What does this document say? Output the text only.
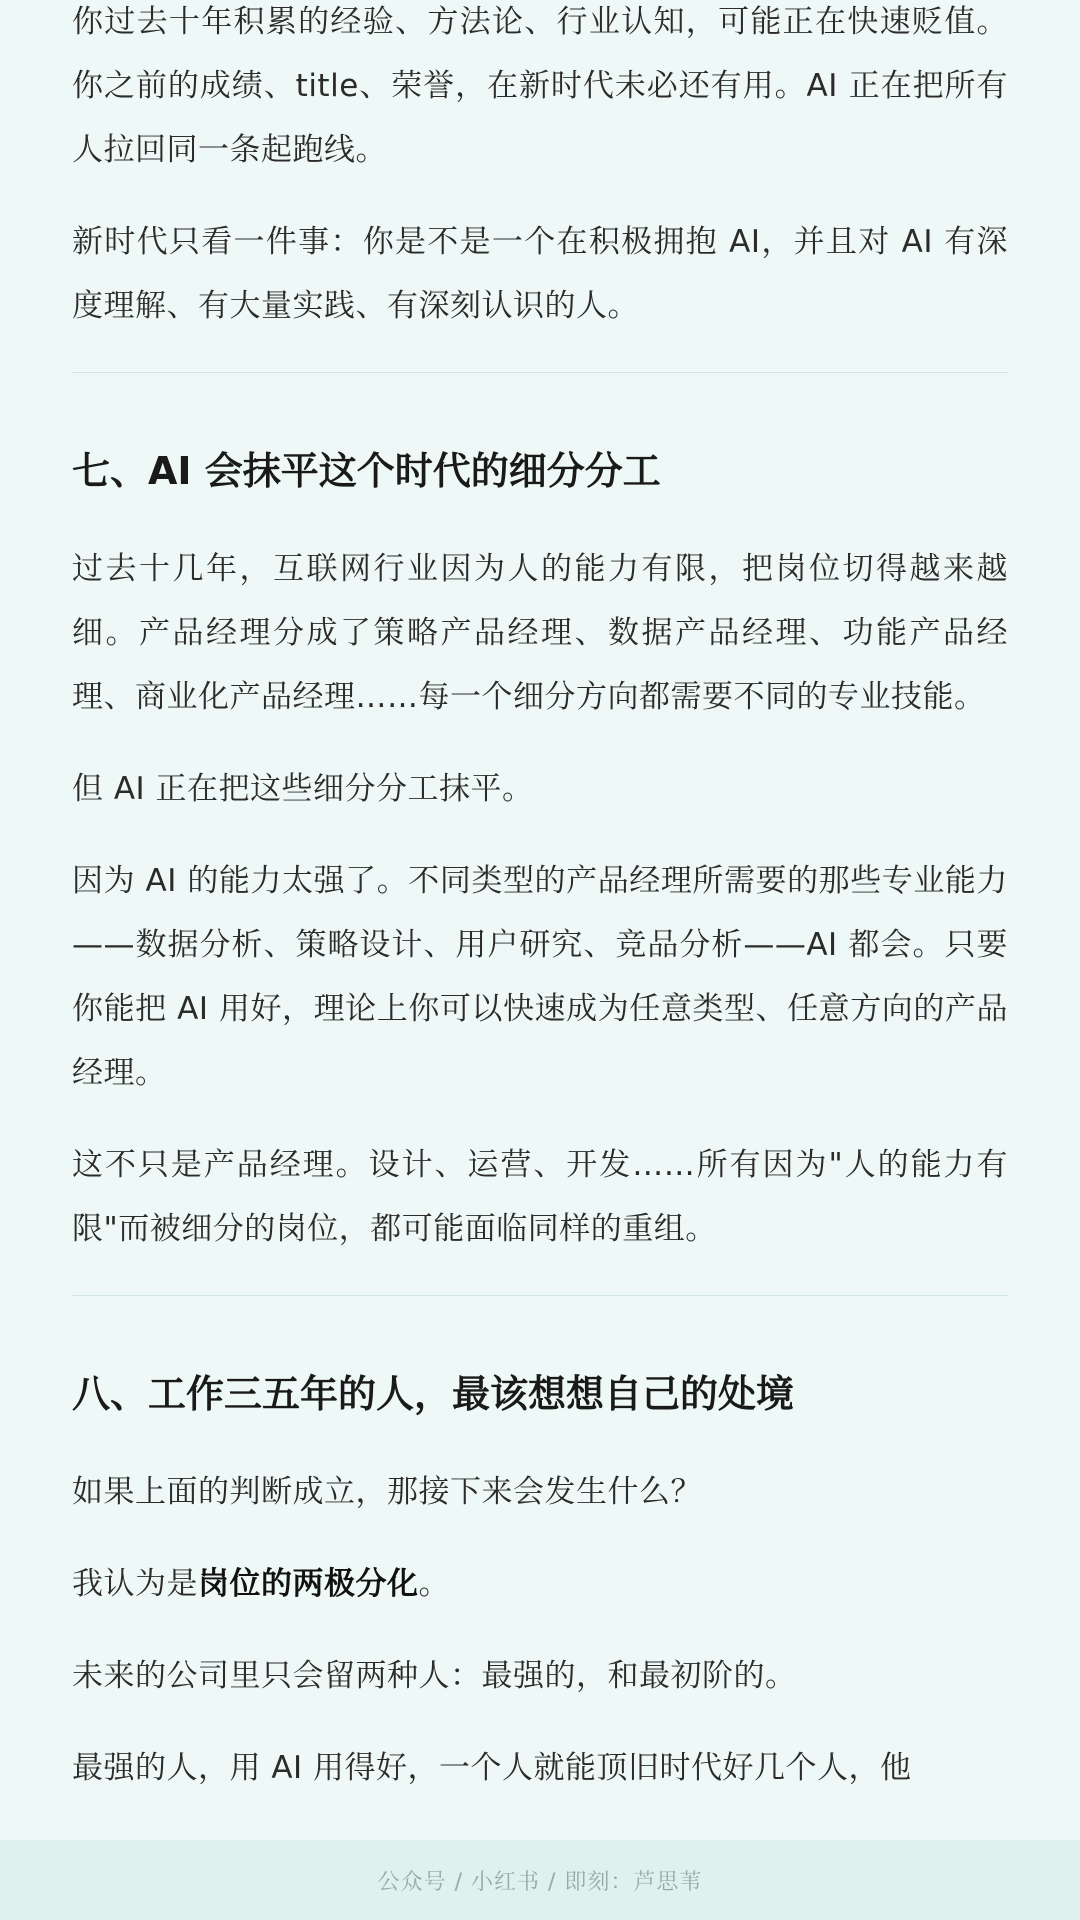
你过去十年积累的经验、方法论、行业认知，可能正在快速贬值。你之前的成绩、title、荣誉，在新时代未必还有用。AI 正在把所有人拉回同一条起跑线。

新时代只看一件事：你是不是一个在积极拥抱 AI，并且对 AI 有深度理解、有大量实践、有深刻认识的人。

七、AI 会抹平这个时代的细分分工

过去十几年，互联网行业因为人的能力有限，把岗位切得越来越细。产品经理分成了策略产品经理、数据产品经理、功能产品经理、商业化产品经理……每一个细分方向都需要不同的专业技能。

但 AI 正在把这些细分分工抹平。

因为 AI 的能力太强了。不同类型的产品经理所需要的那些专业能力——数据分析、策略设计、用户研究、竞品分析——AI 都会。只要你能把 AI 用好，理论上你可以快速成为任意类型、任意方向的产品经理。

这不只是产品经理。设计、运营、开发……所有因为"人的能力有限"而被细分的岗位，都可能面临同样的重组。

八、工作三五年的人，最该想想自己的处境

如果上面的判断成立，那接下来会发生什么？

我认为是岗位的两极分化。

未来的公司里只会留两种人：最强的，和最初阶的。

最强的人，用 AI 用得好，一个人就能顶旧时代好几个人，他

公众号 / 小红书 / 即刻：芦思苇
